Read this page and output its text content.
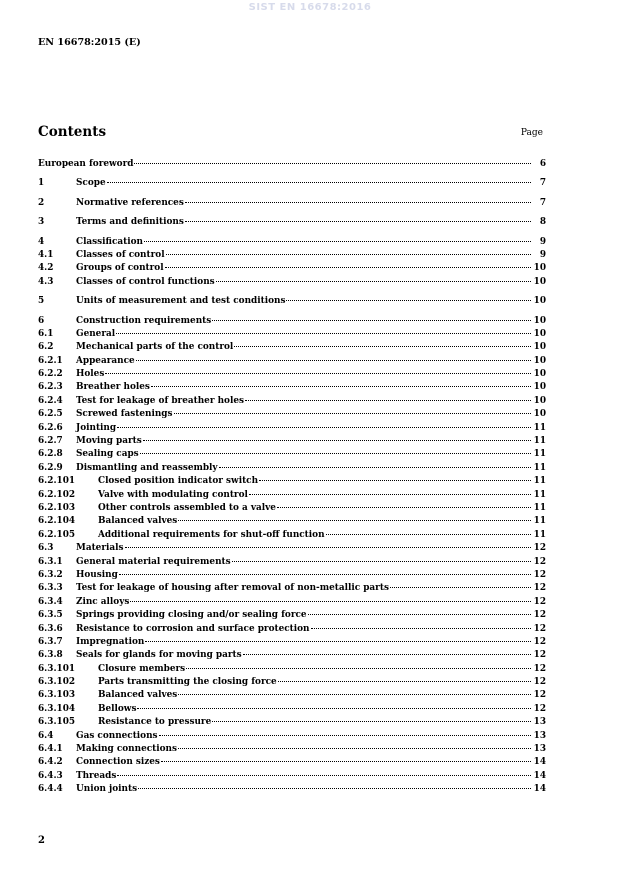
SIST EN 16678:2016
EN 16678:2015 (E)
Contents	Page
European foreword	6
1	Scope	7
2	Normative references	7
3	Terms and definitions	8
4	Classification	9
4.1	Classes of control	9
4.2	Groups of control	10
4.3	Classes of control functions	10
5	Units of measurement and test conditions	10
6	Construction requirements	10
6.1	General	10
6.2	Mechanical parts of the control	10
6.2.1	Appearance	10
6.2.2	Holes	10
6.2.3	Breather holes	10
6.2.4	Test for leakage of breather holes	10
6.2.5	Screwed fastenings	10
6.2.6	Jointing	11
6.2.7	Moving parts	11
6.2.8	Sealing caps	11
6.2.9	Dismantling and reassembly	11
6.2.101	Closed position indicator switch	11
6.2.102	Valve with modulating control	11
6.2.103	Other controls assembled to a valve	11
6.2.104	Balanced valves	11
6.2.105	Additional requirements for shut-off function	11
6.3	Materials	12
6.3.1	General material requirements	12
6.3.2	Housing	12
6.3.3	Test for leakage of housing after removal of non-metallic parts	12
6.3.4	Zinc alloys	12
6.3.5	Springs providing closing and/or sealing force	12
6.3.6	Resistance to corrosion and surface protection	12
6.3.7	Impregnation	12
6.3.8	Seals for glands for moving parts	12
6.3.101	Closure members	12
6.3.102	Parts transmitting the closing force	12
6.3.103	Balanced valves	12
6.3.104	Bellows	12
6.3.105	Resistance to pressure	13
6.4	Gas connections	13
6.4.1	Making connections	13
6.4.2	Connection sizes	14
6.4.3	Threads	14
6.4.4	Union joints	14
2
